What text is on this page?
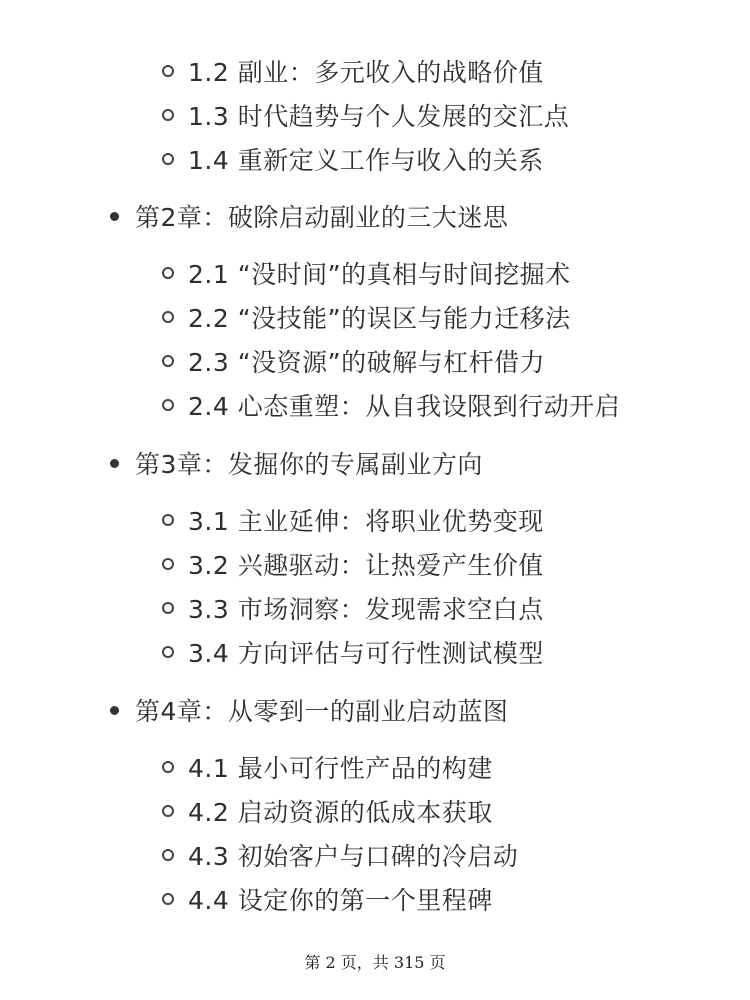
1.2 副业：多元收入的战略价值
1.3 时代趋势与个人发展的交汇点
1.4 重新定义工作与收入的关系
第2章：破除启动副业的三大迷思
2.1 “没时间”的真相与时间挖掘术
2.2 “没技能”的误区与能力迁移法
2.3 “没资源”的破解与杠杆借力
2.4 心态重塑：从自我设限到行动开启
第3章：发掘你的专属副业方向
3.1 主业延伸：将职业优势变现
3.2 兴趣驱动：让热爱产生价值
3.3 市场洞察：发现需求空白点
3.4 方向评估与可行性测试模型
第4章：从零到一的副业启动蓝图
4.1 最小可行性产品的构建
4.2 启动资源的低成本获取
4.3 初始客户与口碑的冷启动
4.4 设定你的第一个里程碑
第 2 页，共 315 页
